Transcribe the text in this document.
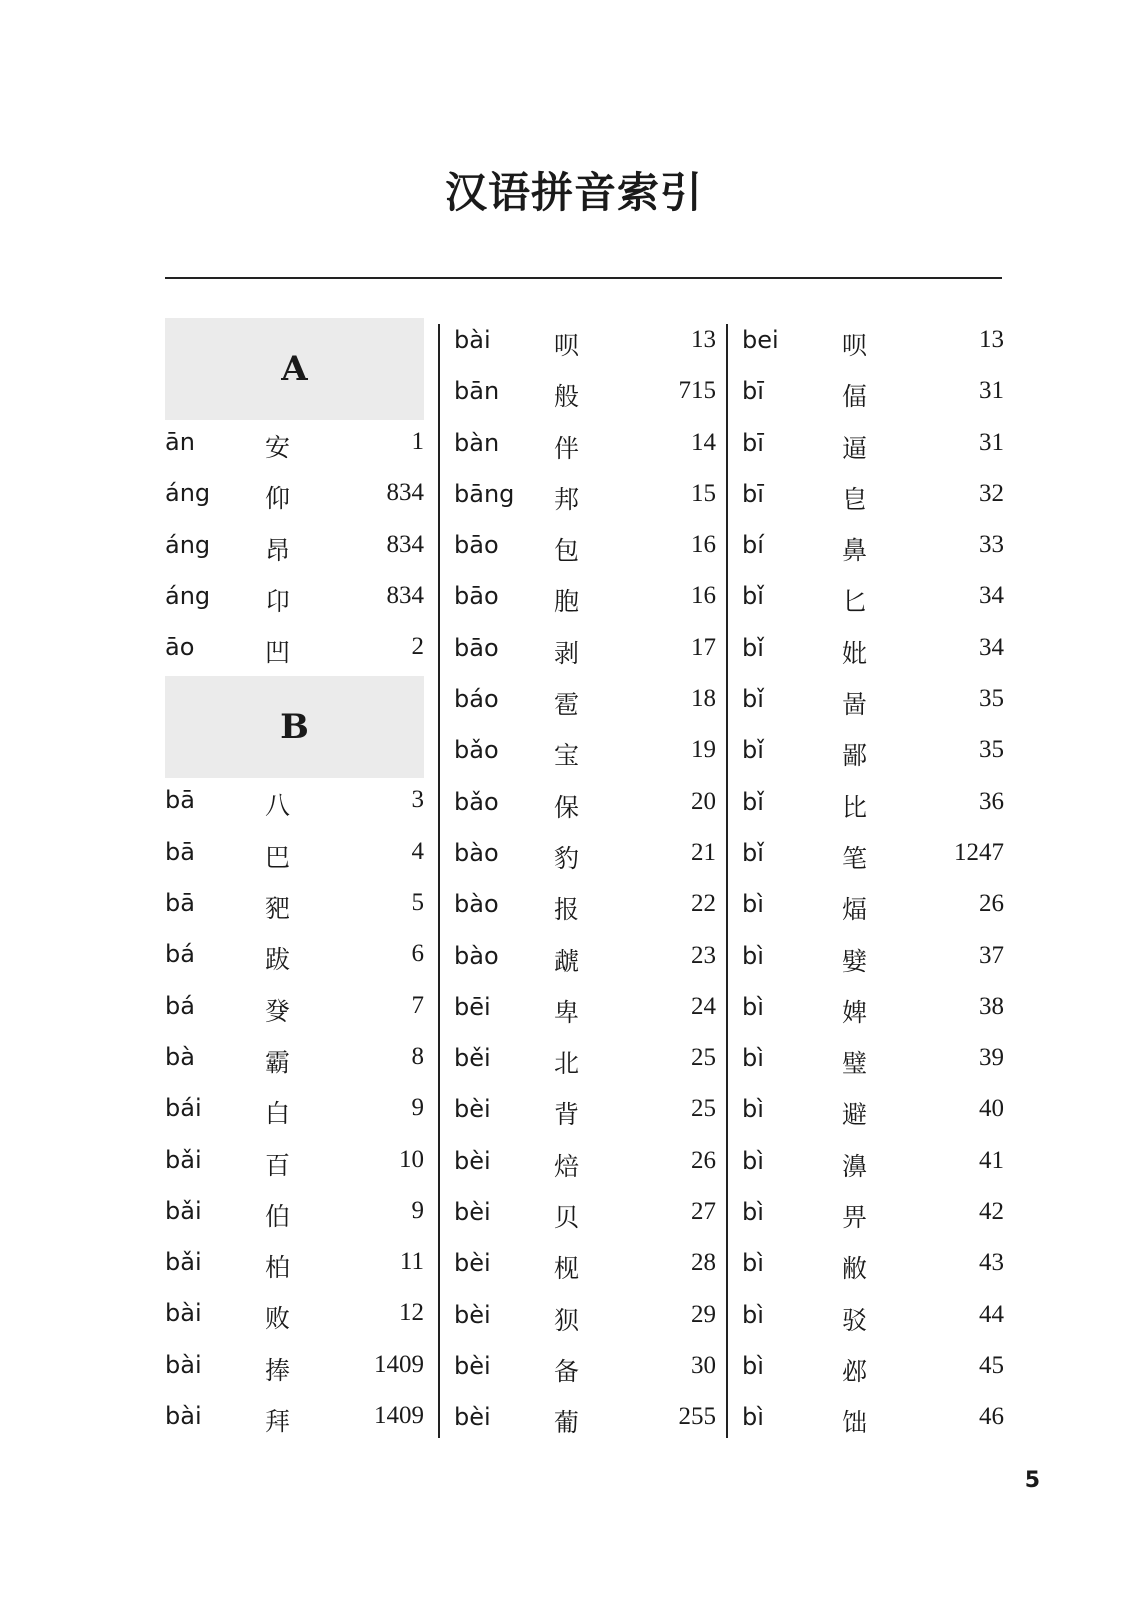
汉语拼音索引
A
ān	安	1
áng 仰	834
áng 昂	834
áng 卬	834
āo	凹	2
B
bā	八	3
bā	巴	4
bā	豝	5
bá	跋	6
bá	癹	7
bà	霸	8
bái	白	9
bǎi	百	10
bǎi	伯	9
bǎi	柏	11
bài	败	12
bài	捧	1409
bài	拜	1409
bài	呗	13
bān 般	715
bàn 伴	14
bāng 邦	15
bāo 包	16
bāo 胞	16
bāo 剥	17
báo 雹	18
bǎo 宝	19
bǎo 保	20
bào 豹	21
bào 报	22
bào 虣	23
bēi	卑	24
běi	北	25
bèi	背	25
bèi	焙	26
bèi	贝	27
bèi	枧	28
bèi	狈	29
bèi	备	30
bèi	葡	255
bei	呗	13
bī	偪	31
bī	逼	31
bī	皀	32
bí	鼻	33
bǐ	匕	34
bǐ	妣	34
bǐ	啚	35
bǐ	鄙	35
bǐ	比	36
bǐ	笔	1247
bì	煏	26
bì	嬖	37
bì	婢	38
bì	璧	39
bì	避	40
bì	濞	41
bì	畀	42
bì	敝	43
bì	驳	44
bì	邲	45
bì	饳	46
5
